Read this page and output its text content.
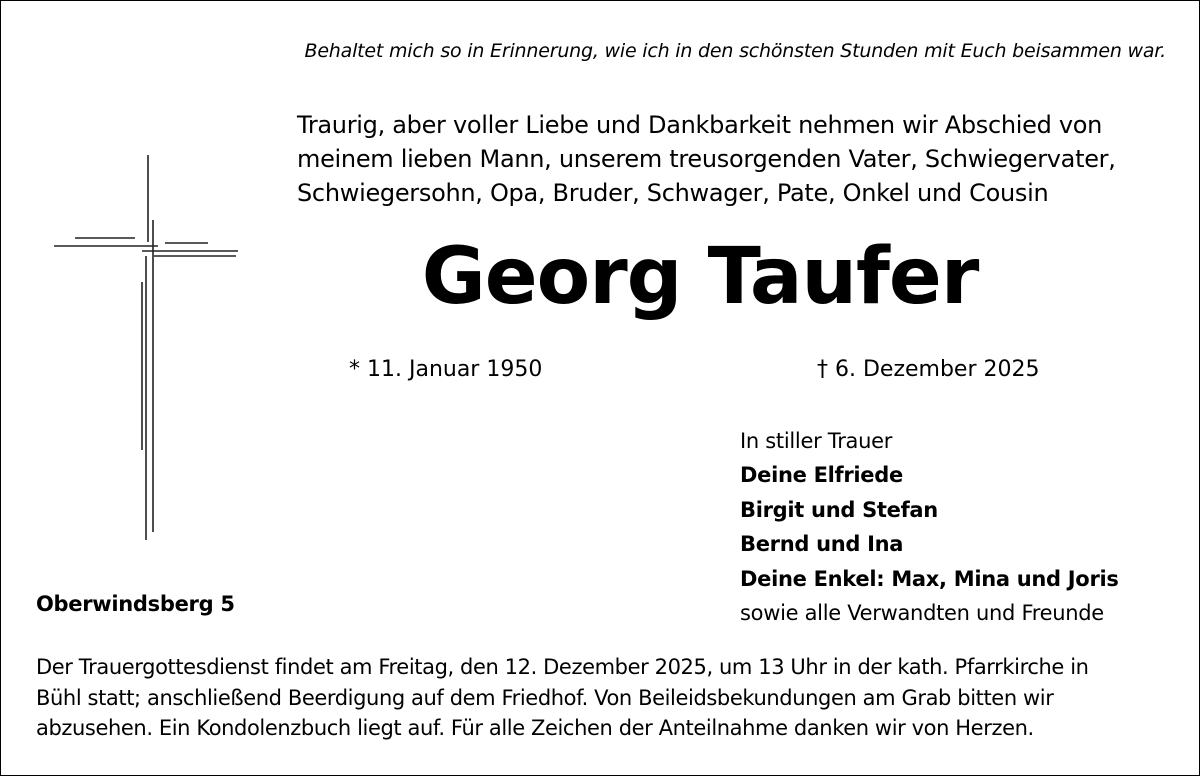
Behaltet mich so in Erinnerung, wie ich in den schönsten Stunden mit Euch beisammen war.
Traurig, aber voller Liebe und Dankbarkeit nehmen wir Abschied von
meinem lieben Mann, unserem treusorgenden Vater, Schwiegervater,
Schwiegersohn, Opa, Bruder, Schwager, Pate, Onkel und Cousin
Georg Taufer
* 11. Januar 1950	† 6. Dezember 2025
In stiller Trauer
Deine Elfriede
Birgit und Stefan
Bernd und Ina
Deine Enkel: Max, Mina und Joris
sowie alle Verwandten und Freunde
Oberwindsberg 5
Der Trauergottesdienst findet am Freitag, den 12. Dezember 2025, um 13 Uhr in der kath. Pfarrkirche in
Bühl statt; anschließend Beerdigung auf dem Friedhof. Von Beileidsbekundungen am Grab bitten wir
abzusehen. Ein Kondolenzbuch liegt auf. Für alle Zeichen der Anteilnahme danken wir von Herzen.
